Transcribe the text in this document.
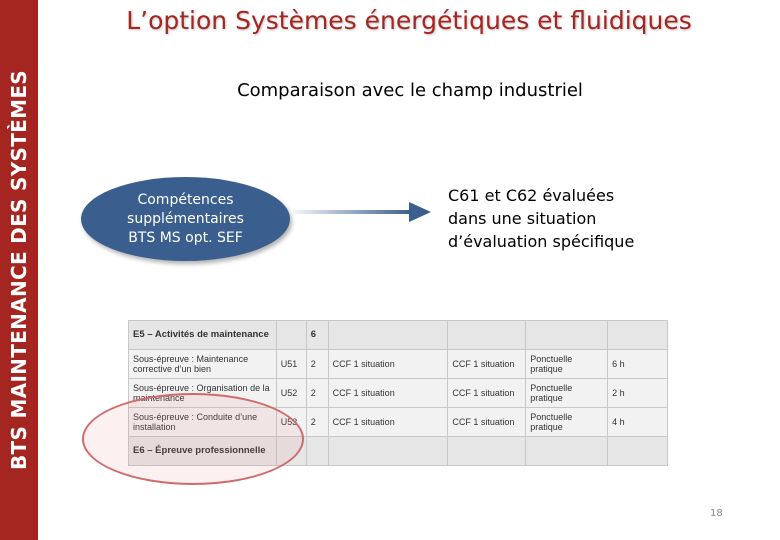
BTS MAINTENANCE DES SYSTÈMES
L’option Systèmes énergétiques et fluidiques
Comparaison avec le champ industriel
Compétences
supplémentaires
BTS MS opt. SEF
C61 et C62 évaluées
dans une situation
d’évaluation spécifique
E5 – Activités de maintenance		6				
Sous-épreuve : Maintenance corrective d’un bien	U51	2	CCF 1 situation	CCF 1 situation	Ponctuelle pratique	6 h
Sous-épreuve : Organisation de la maintenance	U52	2	CCF 1 situation	CCF 1 situation	Ponctuelle pratique	2 h
Sous-épreuve : Conduite d’une installation	U53	2	CCF 1 situation	CCF 1 situation	Ponctuelle pratique	4 h
E6 – Épreuve professionnelle						
18
